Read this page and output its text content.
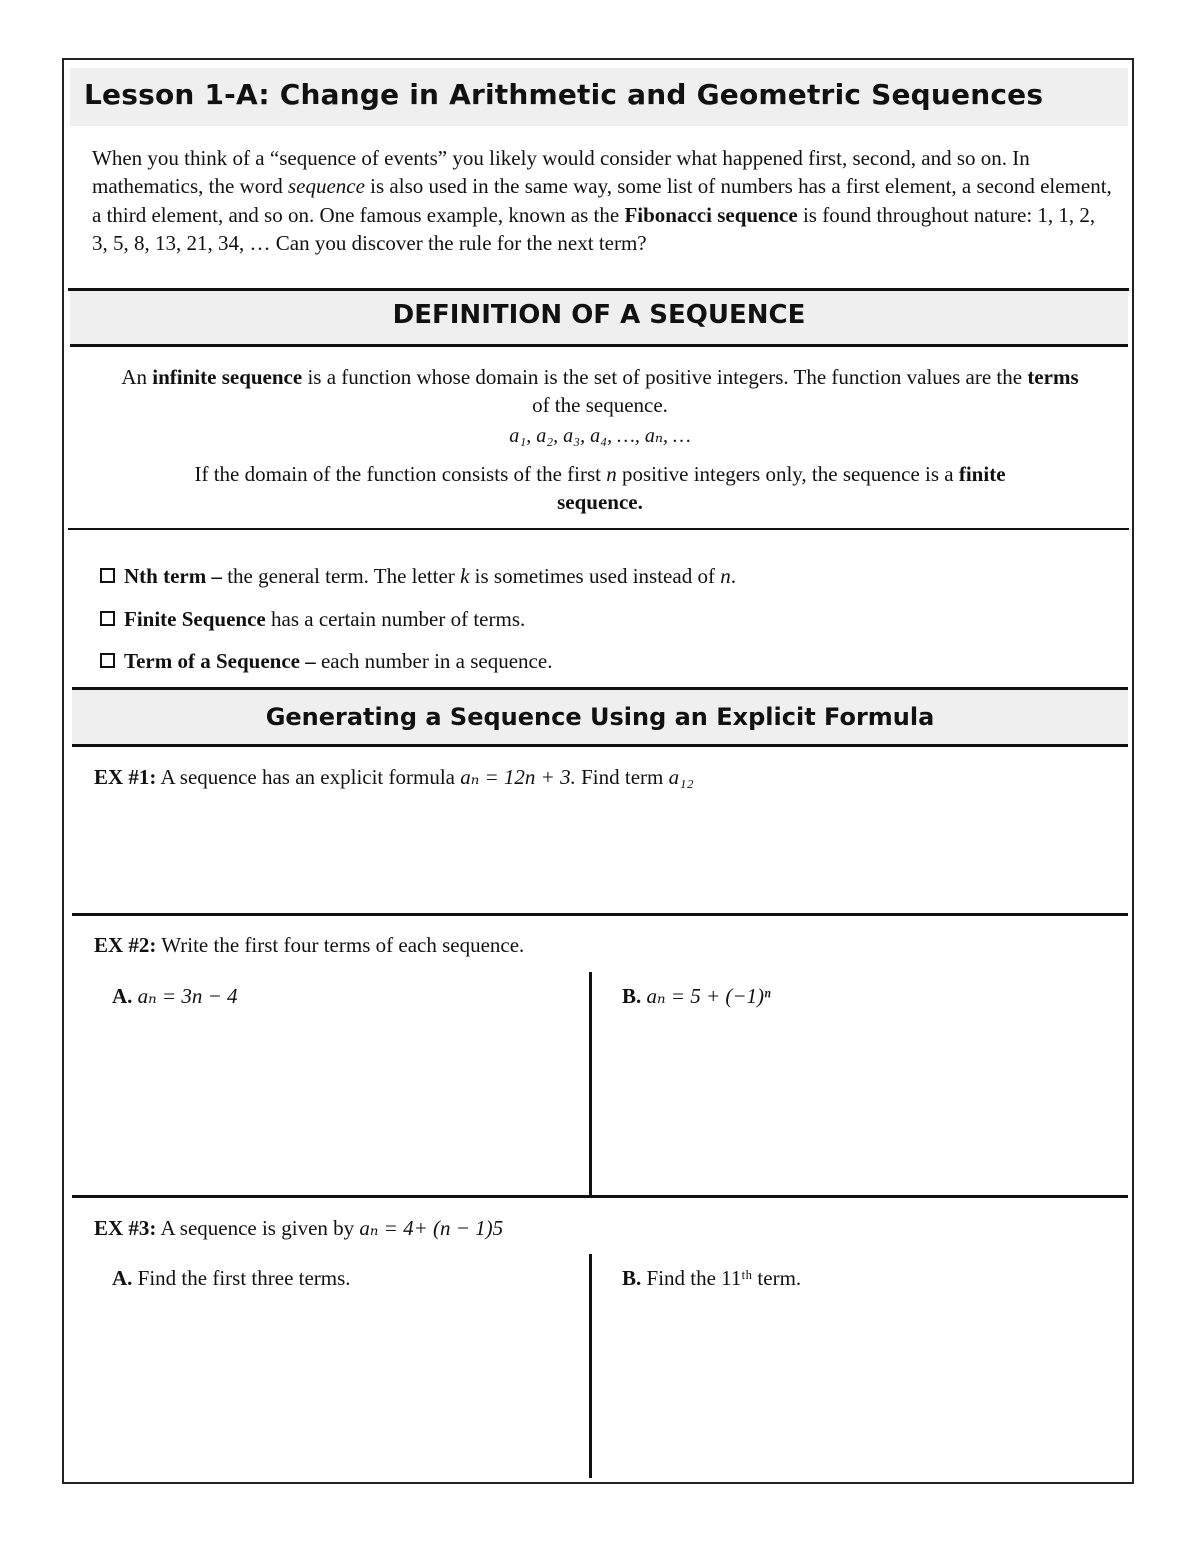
Lesson 1-A: Change in Arithmetic and Geometric Sequences

When you think of a “sequence of events” you likely would consider what happened first, second, and so on. In mathematics, the word sequence is also used in the same way, some list of numbers has a first element, a second element, a third element, and so on. One famous example, known as the Fibonacci sequence is found throughout nature: 1, 1, 2, 3, 5, 8, 13, 21, 34, … Can you discover the rule for the next term?

DEFINITION OF A SEQUENCE

An infinite sequence is a function whose domain is the set of positive integers. The function values are the terms of the sequence.

a₁, a₂, a₃, a₄, …, aₙ, …

If the domain of the function consists of the first n positive integers only, the sequence is a finite sequence.

Nth term – the general term. The letter k is sometimes used instead of n.
Finite Sequence has a certain number of terms.
Term of a Sequence – each number in a sequence.
Generating a Sequence Using an Explicit Formula

EX #1: A sequence has an explicit formula aₙ = 12n + 3. Find term a₁₂

EX #2: Write the first four terms of each sequence.

A. aₙ = 3n − 4	B. aₙ = 5 + (−1)ⁿ

EX #3: A sequence is given by aₙ = 4+ (n − 1)5

A. Find the first three terms.	B. Find the 11ᵗʰ term.
